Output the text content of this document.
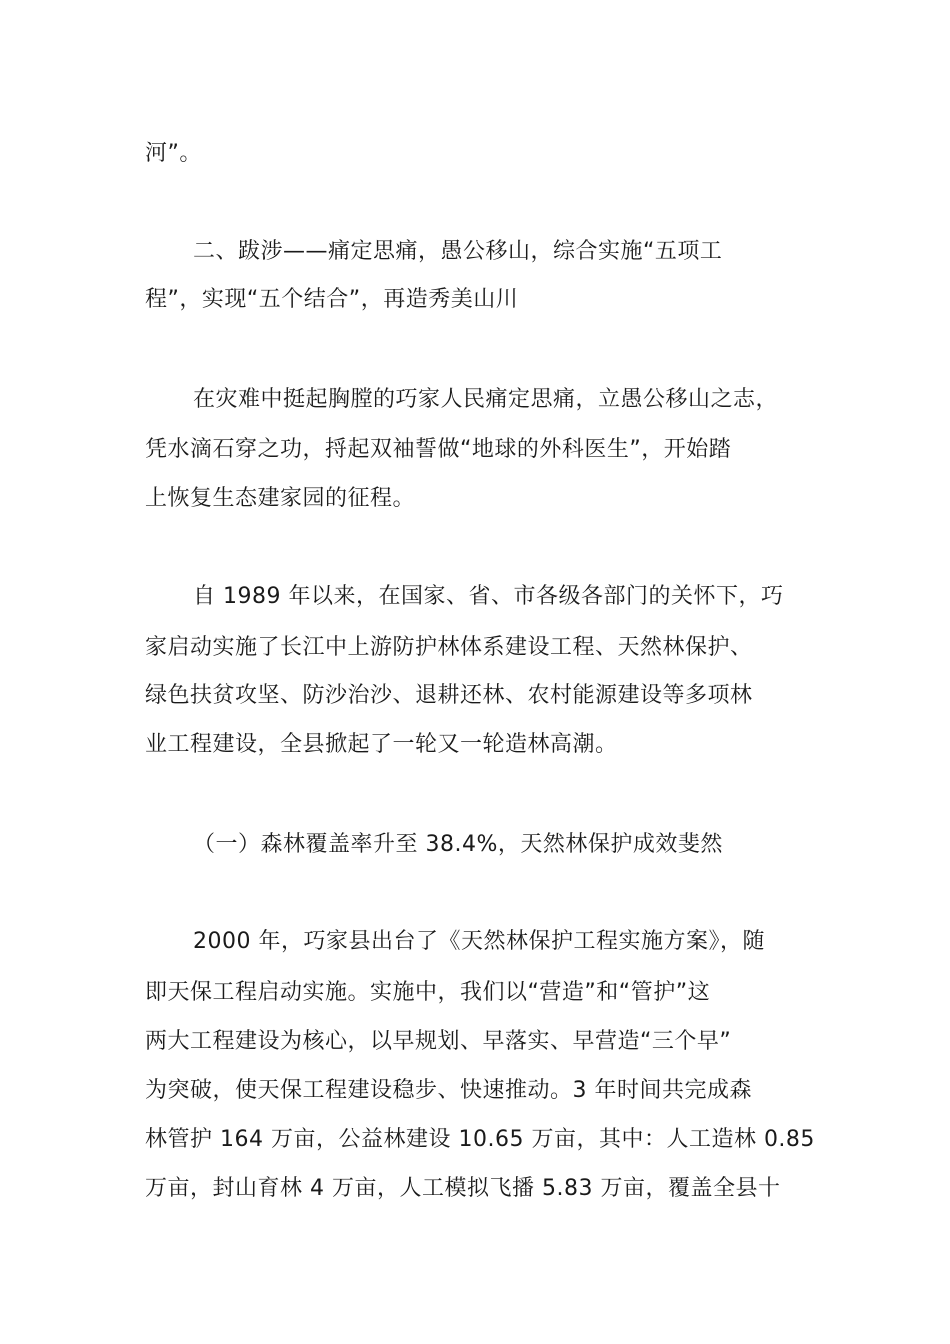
河”。
二、跋涉——痛定思痛，愚公移山，综合实施“五项工
程”，实现“五个结合”，再造秀美山川
在灾难中挺起胸膛的巧家人民痛定思痛，立愚公移山之志，
凭水滴石穿之功，捋起双袖誓做“地球的外科医生”，开始踏
上恢复生态建家园的征程。
自 1989 年以来，在国家、省、市各级各部门的关怀下，巧
家启动实施了长江中上游防护林体系建设工程、天然林保护、
绿色扶贫攻坚、防沙治沙、退耕还林、农村能源建设等多项林
业工程建设，全县掀起了一轮又一轮造林高潮。
（一）森林覆盖率升至 38.4%，天然林保护成效斐然
2000 年，巧家县出台了《天然林保护工程实施方案》，随
即天保工程启动实施。实施中，我们以“营造”和“管护”这
两大工程建设为核心，以早规划、早落实、早营造“三个早”
为突破，使天保工程建设稳步、快速推动。3 年时间共完成森
林管护 164 万亩，公益林建设 10.65 万亩，其中：人工造林 0.85
万亩，封山育林 4 万亩，人工模拟飞播 5.83 万亩，覆盖全县十
